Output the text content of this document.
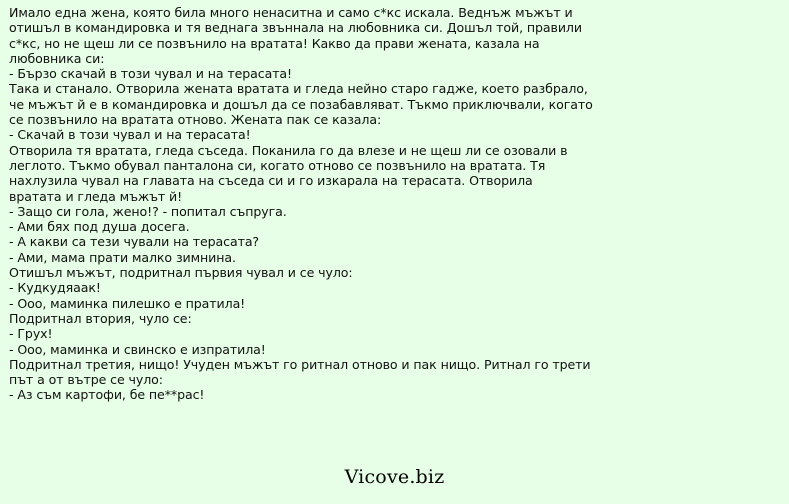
Имало една жена, която била много ненаситна и само с*кс искала. Веднъж мъжът и
отишъл в командировка и тя веднага звъннала на любовника си. Дошъл той, правили
с*кс, но не щеш ли се позвънило на вратата! Какво да прави жената, казала на
любовника си:
- Бързо скачай в този чувал и на терасата!
Така и станало. Отворила жената вратата и гледа нейно старо гадже, което разбрало,
че мъжът й е в командировка и дошъл да се позабавляват. Тъкмо приключвали, когато
се позвънило на вратата отново. Жената пак се казала:
- Скачай в този чувал и на терасата!
Отворила тя вратата, гледа съседа. Поканила го да влезе и не щеш ли се озовали в
леглото. Тъкмо обувал панталона си, когато отново се позвънило на вратата. Тя
нахлузила чувал на главата на съседа си и го изкарала на терасата. Отворила
вратата и гледа мъжът й!
- Защо си гола, жено!? - попитал съпруга.
- Ами бях под душа досега.
- А какви са тези чували на терасата?
- Ами, мама прати малко зимнина.
Отишъл мъжът, подритнал първия чувал и се чуло:
- Кудкудяаак!
- Ооо, маминка пилешко е пратила!
Подритнал втория, чуло се:
- Грух!
- Ооо, маминка и свинско е изпратила!
Подритнал третия, нищо! Учуден мъжът го ритнал отново и пак нищо. Ритнал го трети
път а от вътре се чуло:
- Аз съм картофи, бе пе**рас!
Vicove.biz
